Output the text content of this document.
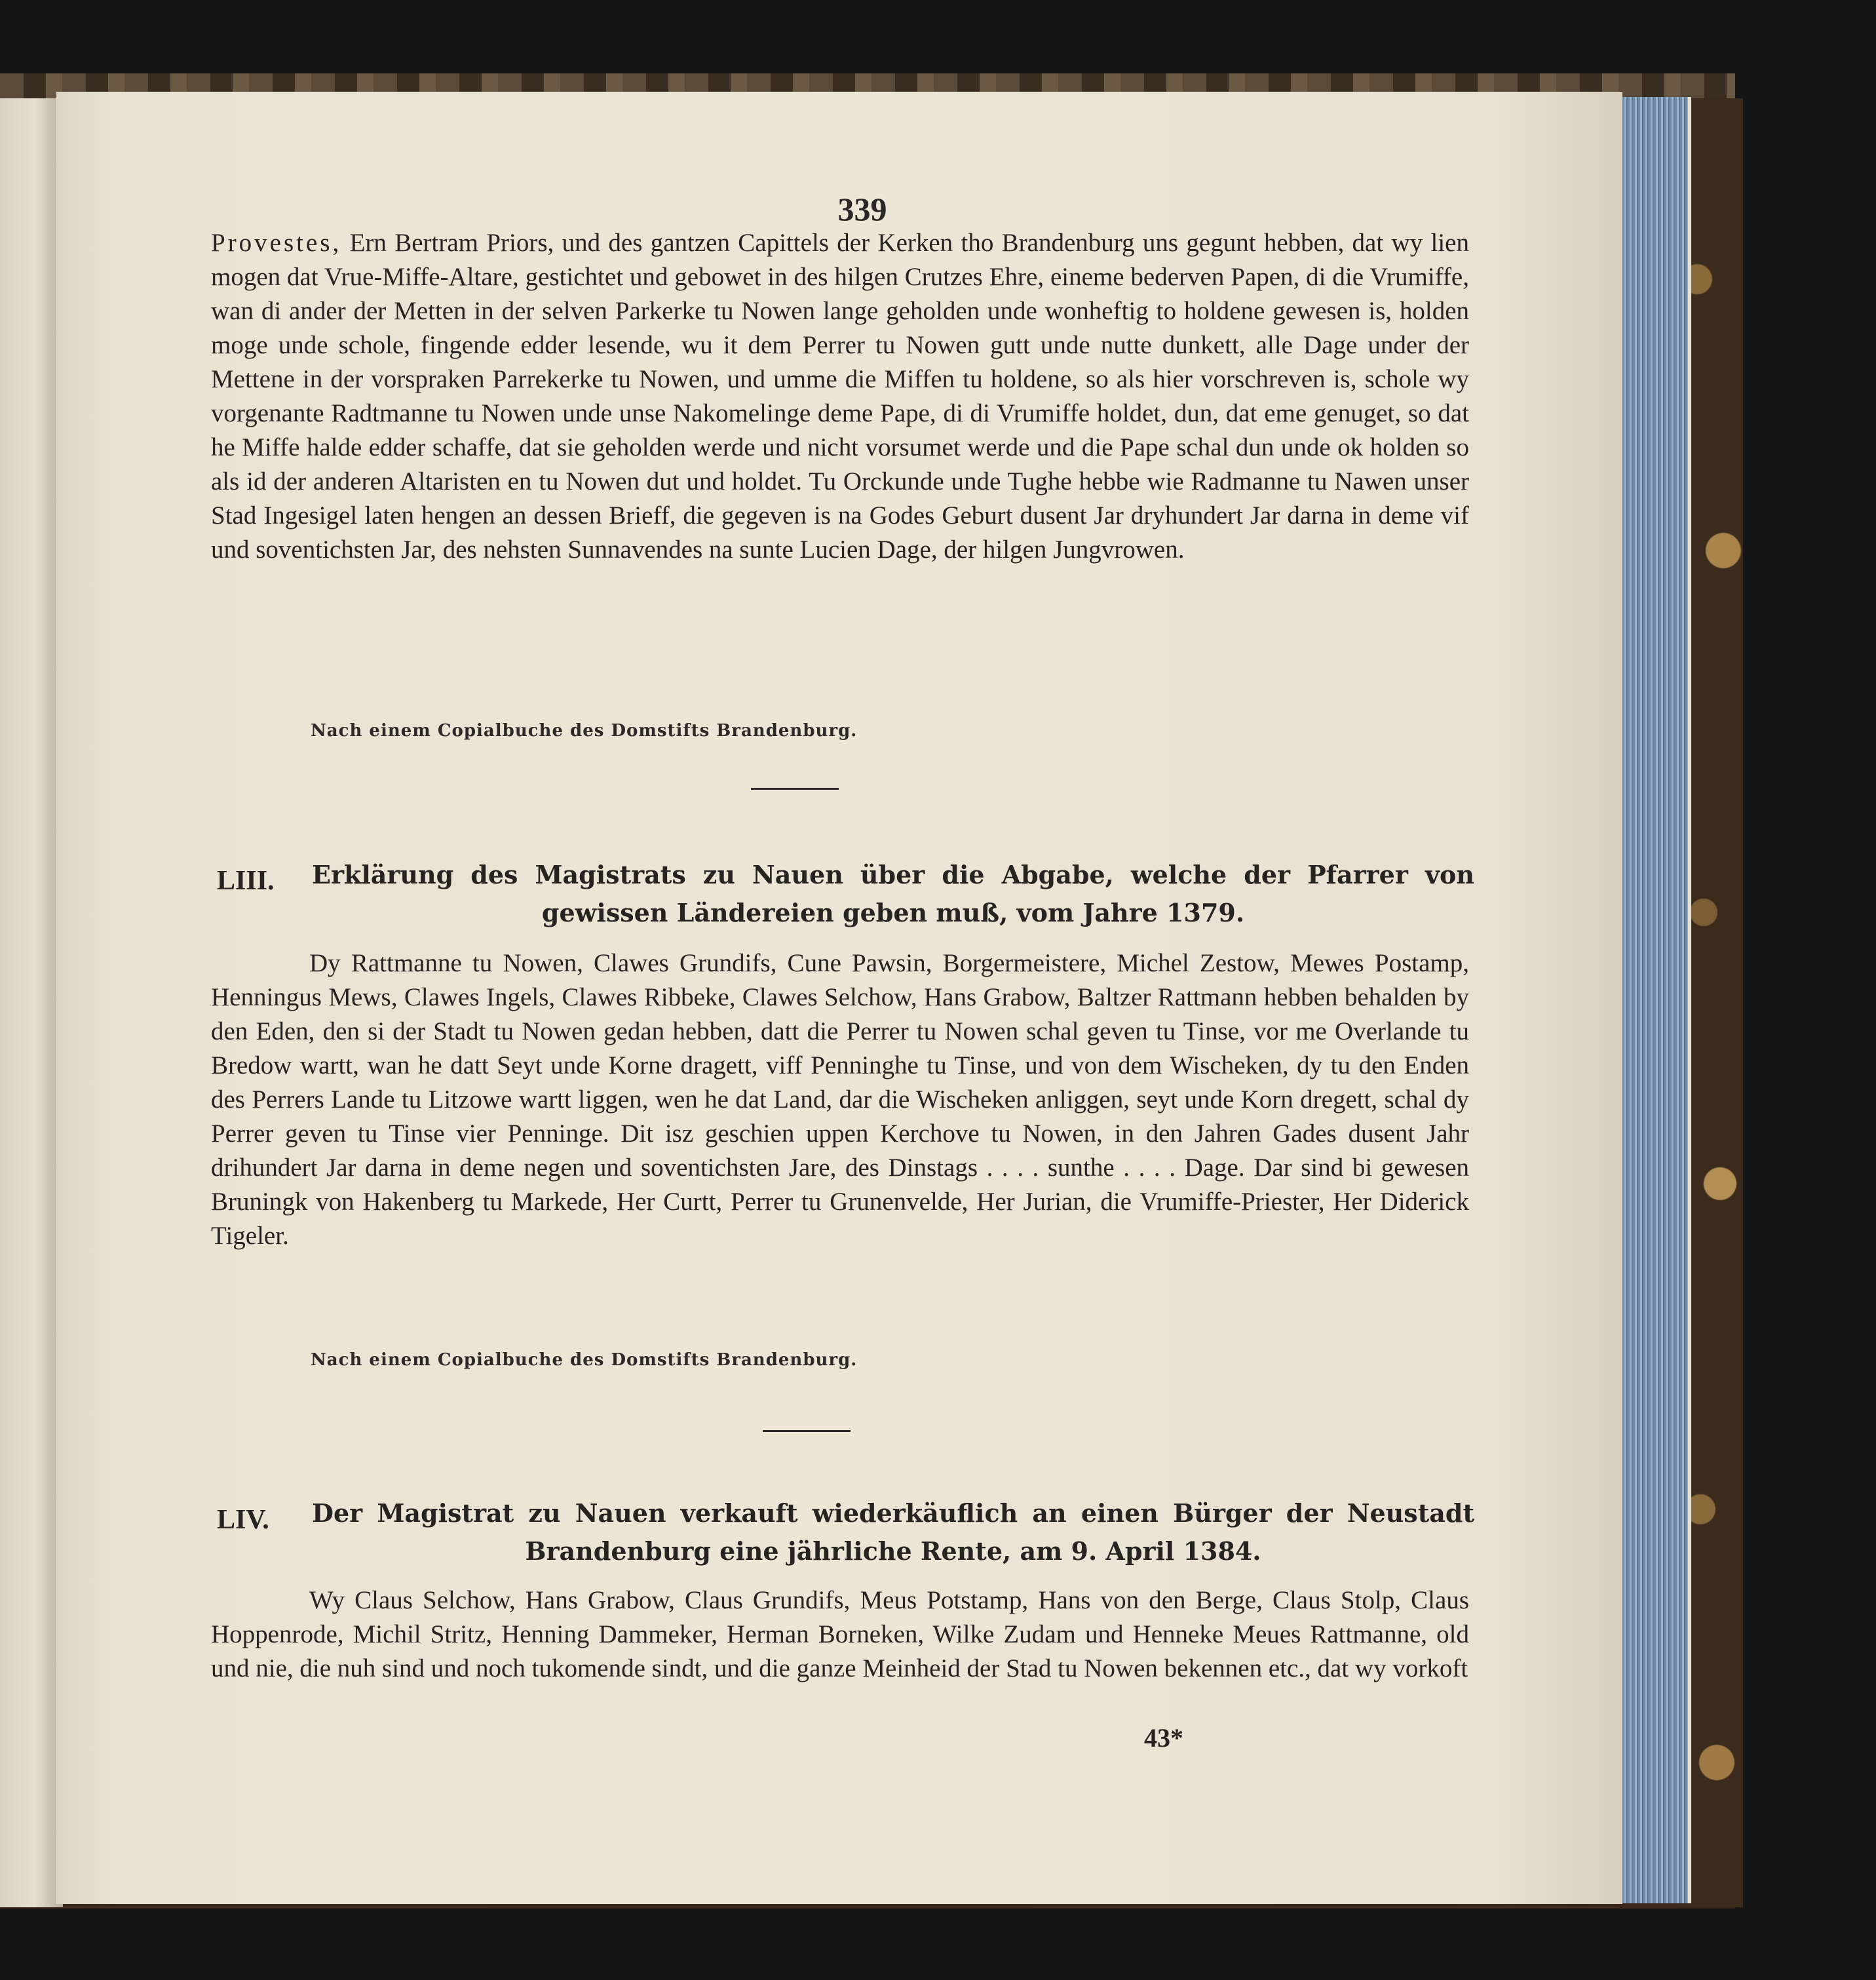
339

Provestes, Ern Bertram Priors, und des gantzen Capittels der Kerken tho Brandenburg uns gegunt hebben, dat wy lien mogen dat Vrue-Miffe-Altare, gestichtet und gebowet in des hilgen Crutzes Ehre, eineme bederven Papen, di die Vrumiffe, wan di ander der Metten in der selven Parkerke tu Nowen lange geholden unde wonheftig to holdene gewesen is, holden moge unde schole, fingende edder lesende, wu it dem Perrer tu Nowen gutt unde nutte dunkett, alle Dage under der Mettene in der vorspraken Parrekerke tu Nowen, und umme die Miffen tu holdene, so als hier vorschreven is, schole wy vorgenante Radtmanne tu Nowen unde unse Nakomelinge deme Pape, di di Vrumiffe holdet, dun, dat eme genuget, so dat he Miffe halde edder schaffe, dat sie geholden werde und nicht vorsumet werde und die Pape schal dun unde ok holden so als id der anderen Altaristen en tu Nowen dut und holdet. Tu Orckunde unde Tughe hebbe wie Radmanne tu Nawen unser Stad Ingesigel laten hengen an dessen Brieff, die gegeven is na Godes Geburt dusent Jar dryhundert Jar darna in deme vif und soventichsten Jar, des nehsten Sunnavendes na sunte Lucien Dage, der hilgen Jungvrowen.

Nach einem Copialbuche des Domstifts Brandenburg.

LIII. Erklärung des Magistrats zu Nauen über die Abgabe, welche der Pfarrer von gewissen Ländereien geben muß, vom Jahre 1379.

Dy Rattmanne tu Nowen, Clawes Grundifs, Cune Pawsin, Borgermeistere, Michel Zestow, Mewes Postamp, Henningus Mews, Clawes Ingels, Clawes Ribbeke, Clawes Selchow, Hans Grabow, Baltzer Rattmann hebben behalden by den Eden, den si der Stadt tu Nowen gedan hebben, datt die Perrer tu Nowen schal geven tu Tinse, vor me Overlande tu Bredow wartt, wan he datt Seyt unde Korne dragett, viff Penninghe tu Tinse, und von dem Wischeken, dy tu den Enden des Perrers Lande tu Litzowe wartt liggen, wen he dat Land, dar die Wischeken anliggen, seyt unde Korn dregett, schal dy Perrer geven tu Tinse vier Penninge. Dit isz geschien uppen Kerchove tu Nowen, in den Jahren Gades dusent Jahr drihundert Jar darna in deme negen und soventichsten Jare, des Dinstags . . . . sunthe . . . . Dage. Dar sind bi gewesen Bruningk von Hakenberg tu Markede, Her Curtt, Perrer tu Grunenvelde, Her Jurian, die Vrumiffe-Priester, Her Diderick Tigeler.

Nach einem Copialbuche des Domstifts Brandenburg.

LIV. Der Magistrat zu Nauen verkauft wiederkäuflich an einen Bürger der Neustadt Brandenburg eine jährliche Rente, am 9. April 1384.

Wy Claus Selchow, Hans Grabow, Claus Grundifs, Meus Potstamp, Hans von den Berge, Claus Stolp, Claus Hoppenrode, Michil Stritz, Henning Dammeker, Herman Borneken, Wilke Zudam und Henneke Meues Rattmanne, old und nie, die nuh sind und noch tukomende sindt, und die ganze Meinheid der Stad tu Nowen bekennen etc., dat wy vorkoft

43*
